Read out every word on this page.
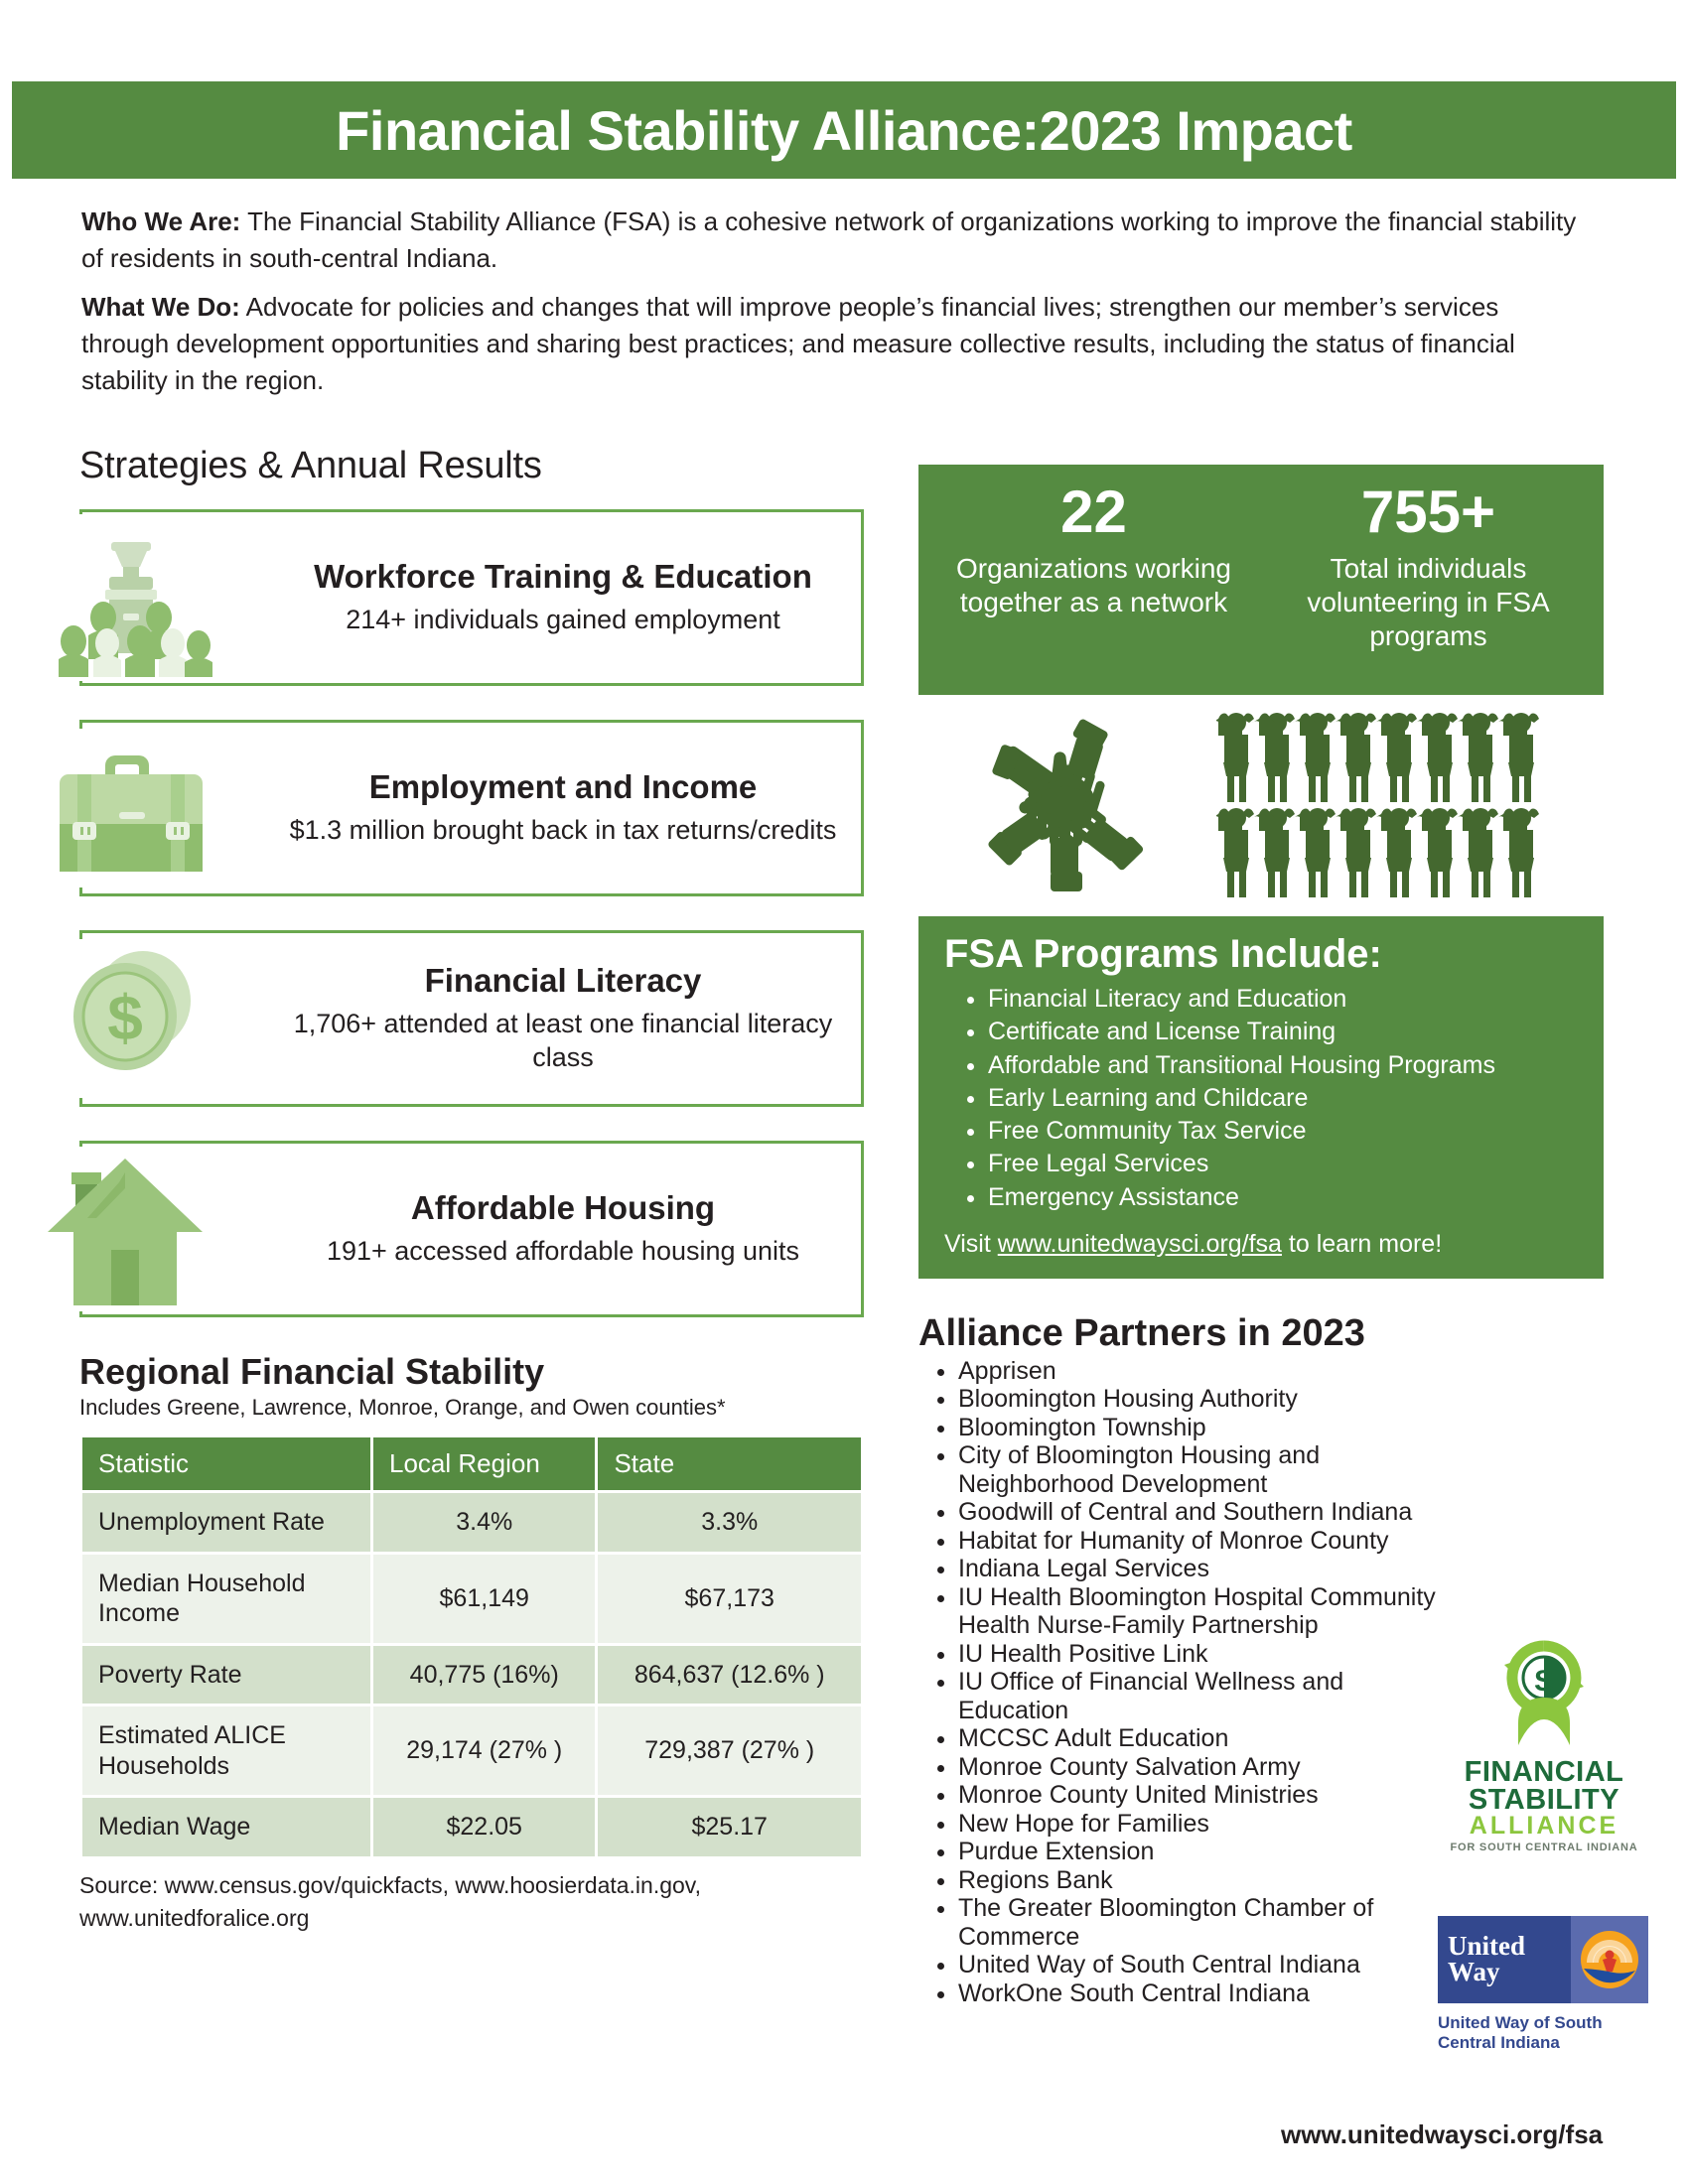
Financial Stability Alliance:2023 Impact

Who We Are: The Financial Stability Alliance (FSA) is a cohesive network of organizations working to improve the financial stability of residents in south-central Indiana.

What We Do: Advocate for policies and changes that will improve people’s financial lives; strengthen our member’s services through development opportunities and sharing best practices; and measure collective results, including the status of financial stability in the region.

Strategies & Annual Results
Workforce Training & Education
214+ individuals gained employment
Employment and Income
$1.3 million brought back in tax returns/credits
$
Financial Literacy
1,706+ attended at least one financial literacy class
Affordable Housing
191+ accessed affordable housing units
Regional Financial Stability
Includes Greene, Lawrence, Monroe, Orange, and Owen counties*
Statistic	Local Region	State
Unemployment Rate	3.4%	3.3%
Median Household Income	$61,149	$67,173
Poverty Rate	40,775 (16%)	864,637 (12.6% )
Estimated ALICE Households	29,174 (27% )	729,387 (27% )
Median Wage	$22.05	$25.17
Source: www.census.gov/quickfacts, www.hoosierdata.in.gov, www.unitedforalice.org
22
Organizations working together as a network
755+
Total individuals volunteering in FSA programs
FSA Programs Include:
• Financial Literacy and Education
• Certificate and License Training
• Affordable and Transitional Housing Programs
• Early Learning and Childcare
• Free Community Tax Service
• Free Legal Services
• Emergency Assistance
Visit www.unitedwaysci.org/fsa to learn more!
Alliance Partners in 2023
• Apprisen
• Bloomington Housing Authority
• Bloomington Township
• City of Bloomington Housing and Neighborhood Development
• Goodwill of Central and Southern Indiana
• Habitat for Humanity of Monroe County
• Indiana Legal Services
• IU Health Bloomington Hospital Community Health Nurse-Family Partnership
• IU Health Positive Link
• IU Office of Financial Wellness and Education
• MCCSC Adult Education
• Monroe County Salvation Army
• Monroe County United Ministries
• New Hope for Families
• Purdue Extension
• Regions Bank
• The Greater Bloomington Chamber of Commerce
• United Way of South Central Indiana
• WorkOne South Central Indiana
S
FINANCIAL
STABILITY
ALLIANCE
FOR SOUTH CENTRAL INDIANA
United
Way
United Way of South Central Indiana
www.unitedwaysci.org/fsa
